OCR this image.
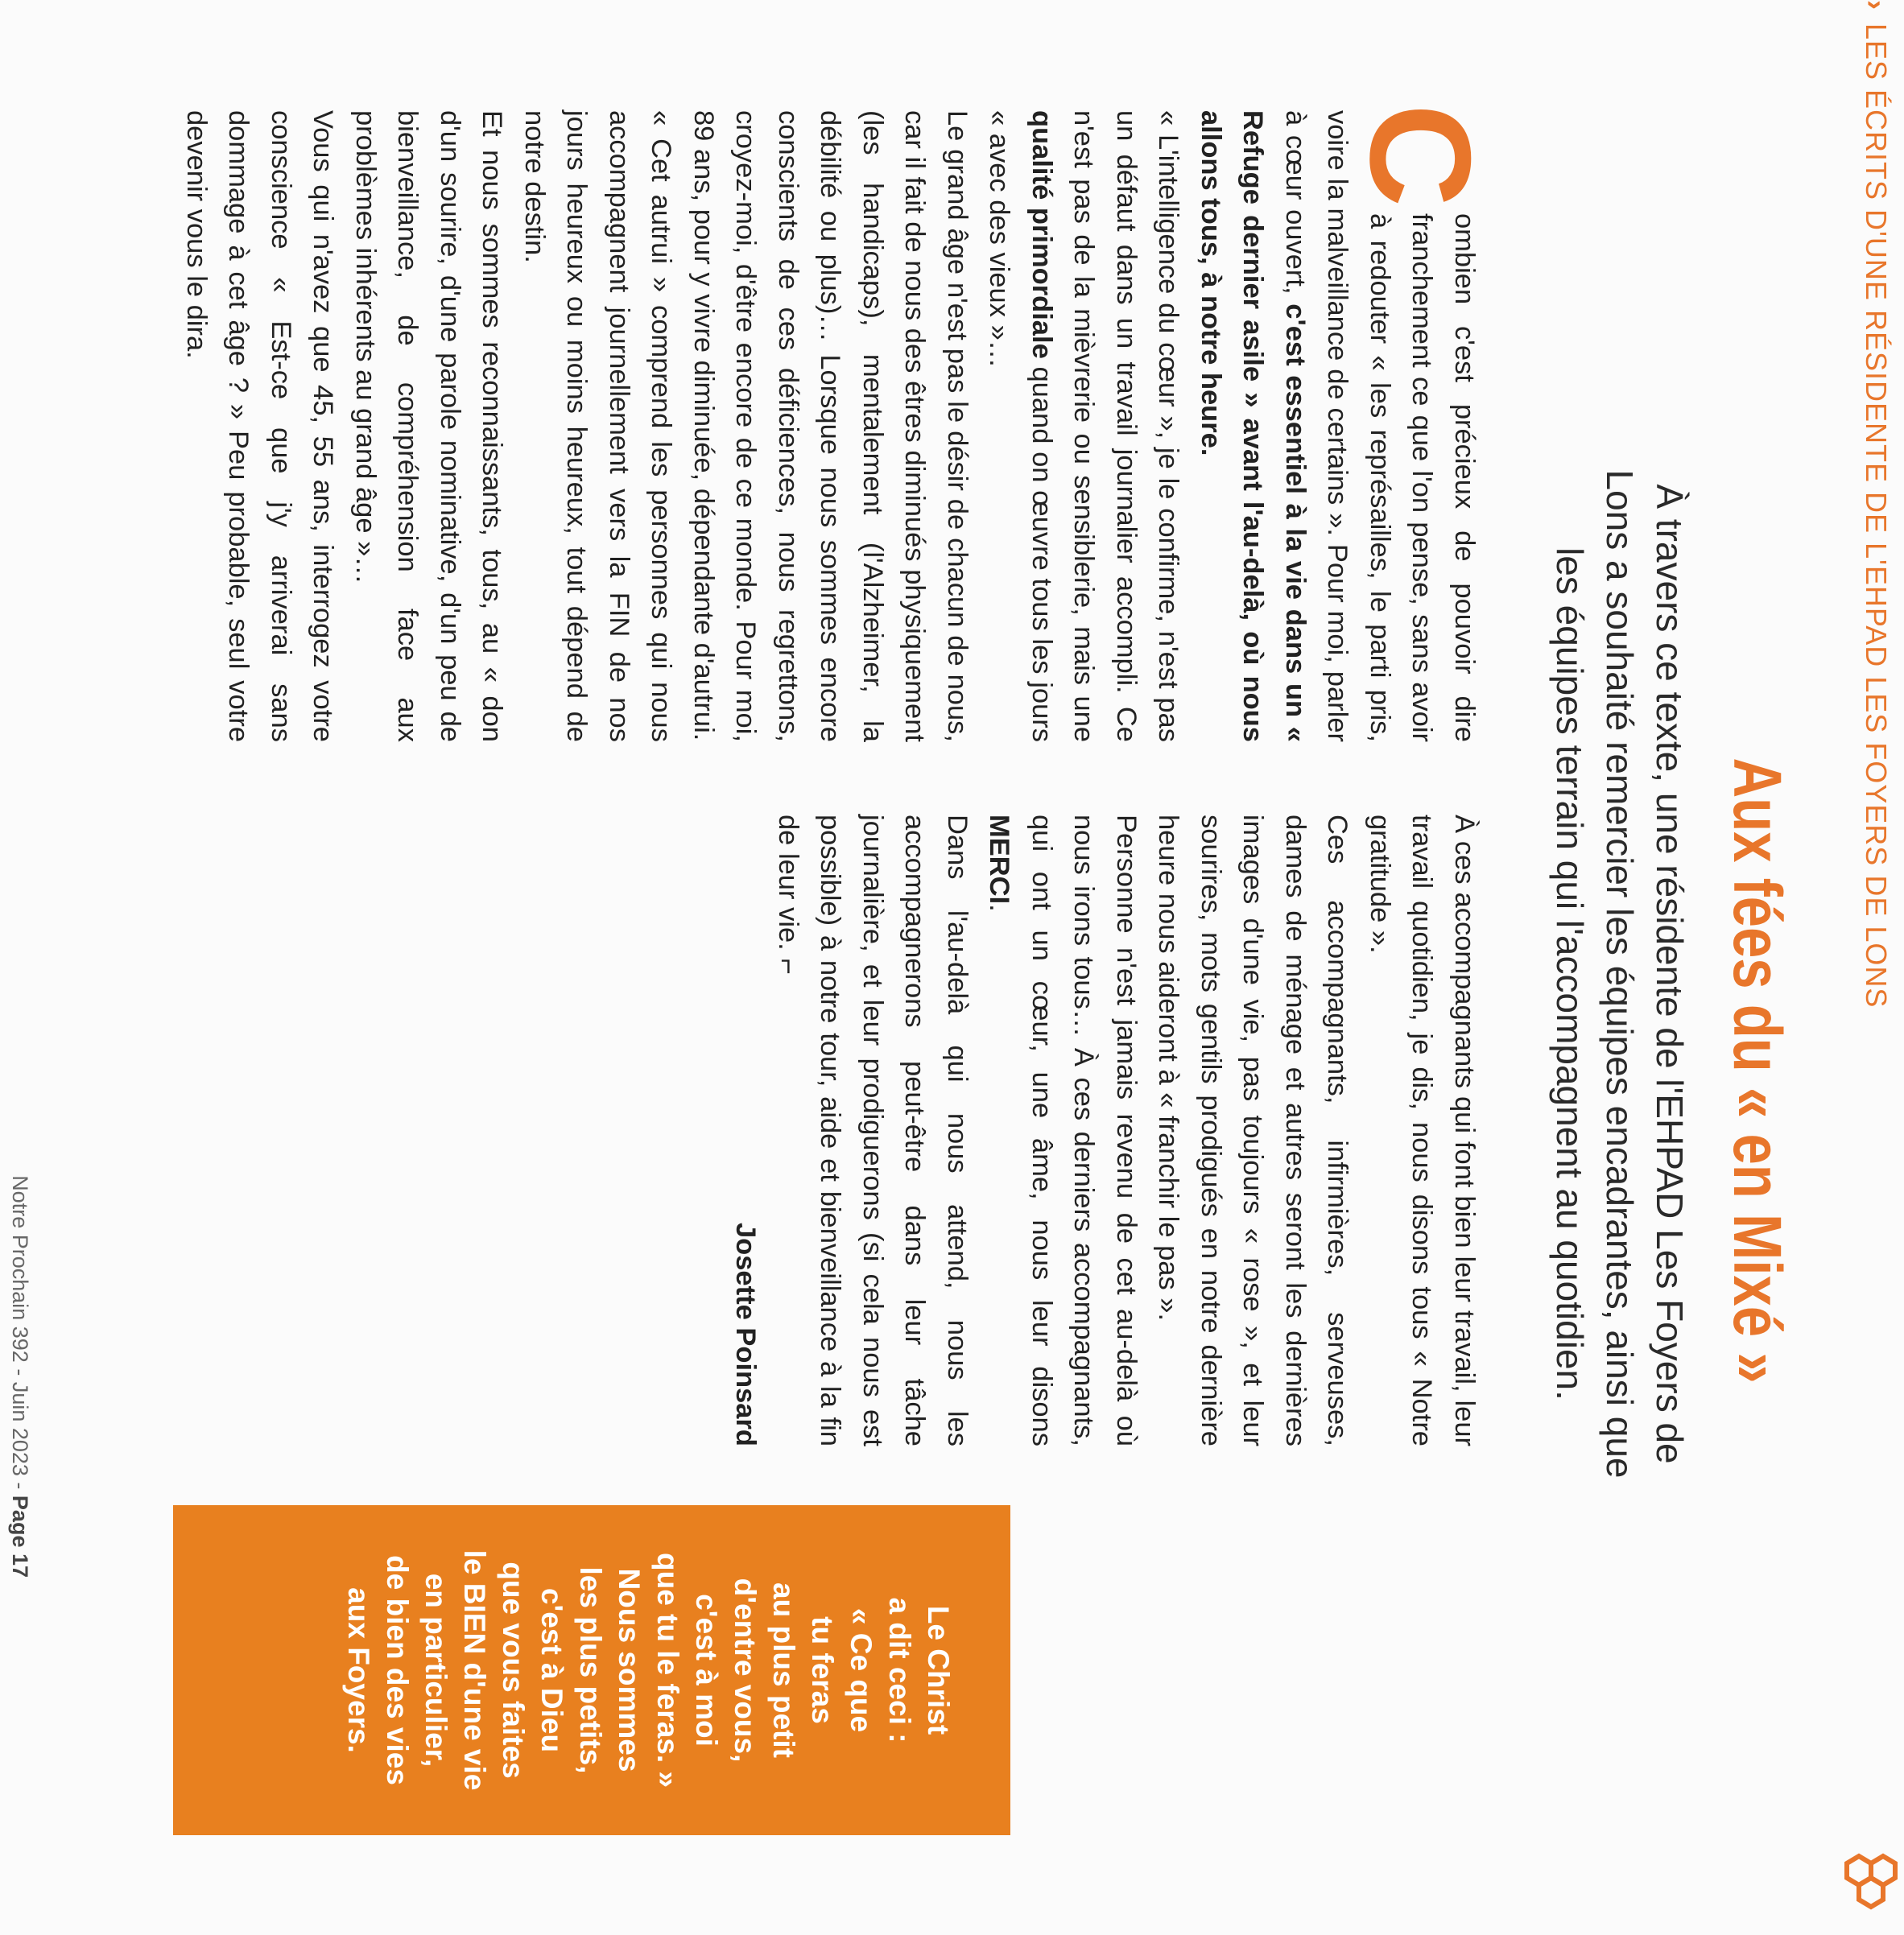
›LES ÉCRITS D'UNE RÉSIDENTE DE L'EHPAD LES FOYERS DE LONS
Aux fées du « en Mixé »
À travers ce texte, une résidente de l'EHPAD Les Foyers de Lons a souhaité remercier les équipes encadrantes, ainsi que les équipes terrain qui l'accompagnent au quotidien.
C

ombien c'est précieux de pouvoir dire franchement ce que l'on pense, sans avoir à redouter « les représailles, le parti pris, voire la malveillance de certains ». Pour moi, parler à cœur ouvert, c'est essentiel à la vie dans un « Refuge dernier asile » avant l'au-delà, où nous allons tous, à notre heure.

« L'intelligence du cœur », je le confirme, n'est pas un défaut dans un travail journalier accompli. Ce n'est pas de la mièvrerie ou sensiblerie, mais une qualité primordiale quand on œuvre tous les jours « avec des vieux »…

Le grand âge n'est pas le désir de chacun de nous, car il fait de nous des êtres diminués physiquement (les handicaps), mentalement (l'Alzheimer, la débilité ou plus)… Lorsque nous sommes encore conscients de ces déficiences, nous regrettons, croyez-moi, d'être encore de ce monde. Pour moi, 89 ans, pour y vivre diminuée, dépendante d'autrui.

« Cet autrui » comprend les personnes qui nous accompagnent journellement vers la FIN de nos jours heureux ou moins heureux, tout dépend de notre destin.

Et nous sommes reconnaissants, tous, au « don d'un sourire, d'une parole nominative, d'un peu de bienveillance, de compréhension face aux problèmes inhérents au grand âge »…

Vous qui n'avez que 45, 55 ans, interrogez votre conscience « Est-ce que j'y arriverai sans dommage à cet âge ? » Peu probable, seul votre devenir vous le dira.

À ces accompagnants qui font bien leur travail, leur travail quotidien, je dis, nous disons tous « Notre gratitude ».

Ces accompagnants, infirmières, serveuses, dames de ménage et autres seront les dernières images d'une vie, pas toujours « rose », et leur sourires, mots gentils prodigués en notre dernière heure nous aideront à « franchir le pas ».

Personne n'est jamais revenu de cet au-delà où nous irons tous… À ces derniers accompagnants, qui ont un cœur, une âme, nous leur disons MERCI.

Dans l'au-delà qui nous attend, nous les accompagnerons peut-être dans leur tâche journalière, et leur prodiguerons (si cela nous est possible) à notre tour, aide et bienveillance à la fin de leur vie.⌐

Josette Poinsard

Le Christ
a dit ceci :
« Ce que
tu feras
au plus petit
d'entre vous,
c'est à moi
que tu le feras. »
Nous sommes
les plus petits,
c'est à Dieu
que vous faites
le BIEN d'une vie
en particulier,
de bien des vies
aux Foyers.
Notre Prochain 392 - Juin 2023 - Page 17
